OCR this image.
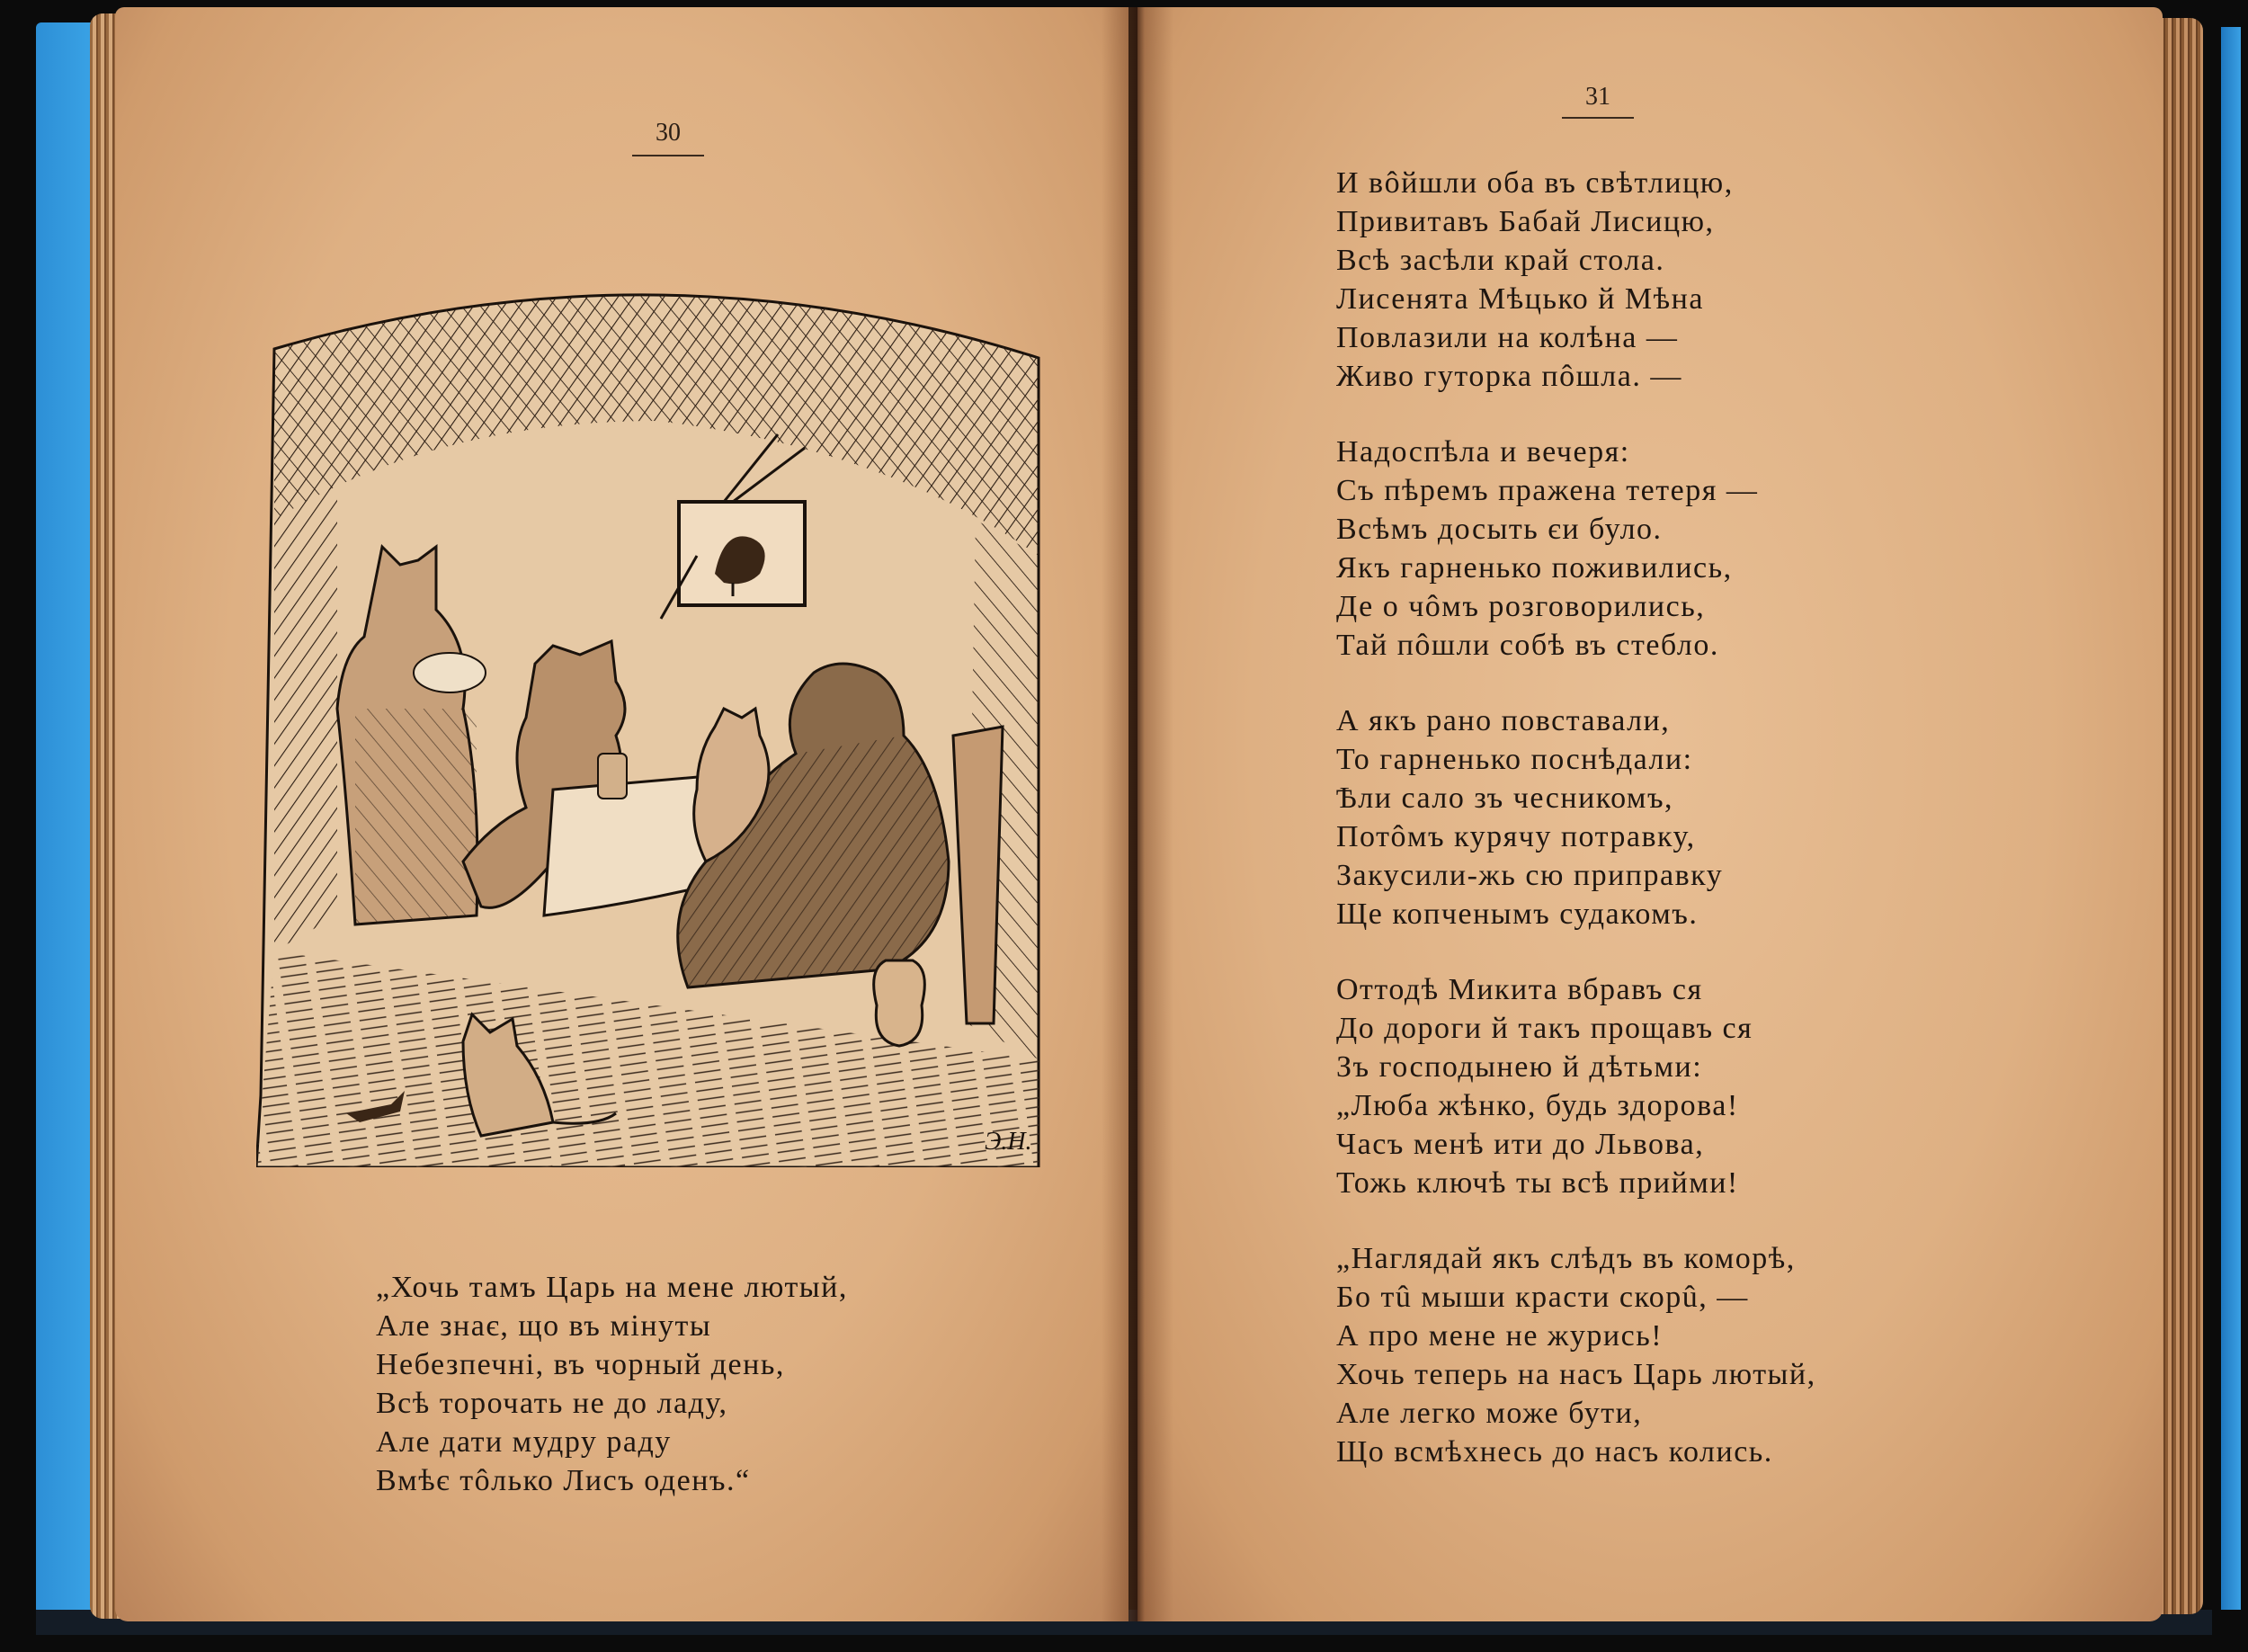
30
31
Э.Н.
„Хочь тамъ Царь на мене лютый,
Але знає, що въ мінуты
Небезпечні, въ чорный день,
Всѣ торочать не до ладу,
Але дати мудру раду
Вмѣє тôлько Лисъ оденъ.“
И вôйшли оба въ свѣтлицю,
Привитавъ Бабай Лисицю,
Всѣ засѣли край стола.
Лисенята Мѣцько й Мѣна
Повлазили на колѣна —
Живо гуторка пôшла. —
Надоспѣла и вечеря:
Съ пѣремъ пражена тетеря —
Всѣмъ досыть єи було.
Якъ гарненько поживились,
Де о чôмъ розговорились,
Тай пôшли собѣ въ стебло.
А якъ рано повставали,
То гарненько поснѣдали:
Ѣли сало зъ чесникомъ,
Потôмъ курячу потравку,
Закусили-жь сю приправку
Ще копченымъ судакомъ.
Оттодѣ Микита вбравъ ся
До дороги й такъ прощавъ ся
Зъ господынею й дѣтьми:
„Люба жѣнко, будь здорова!
Часъ менѣ ити до Львова,
Тожь ключѣ ты всѣ прийми!
„Наглядай якъ слѣдъ въ коморѣ,
Бо тû мыши красти скорû, —
А про мене не журись!
Хочь теперь на насъ Царь лютый,
Але легко може бути,
Що всмѣхнесь до насъ колись.
